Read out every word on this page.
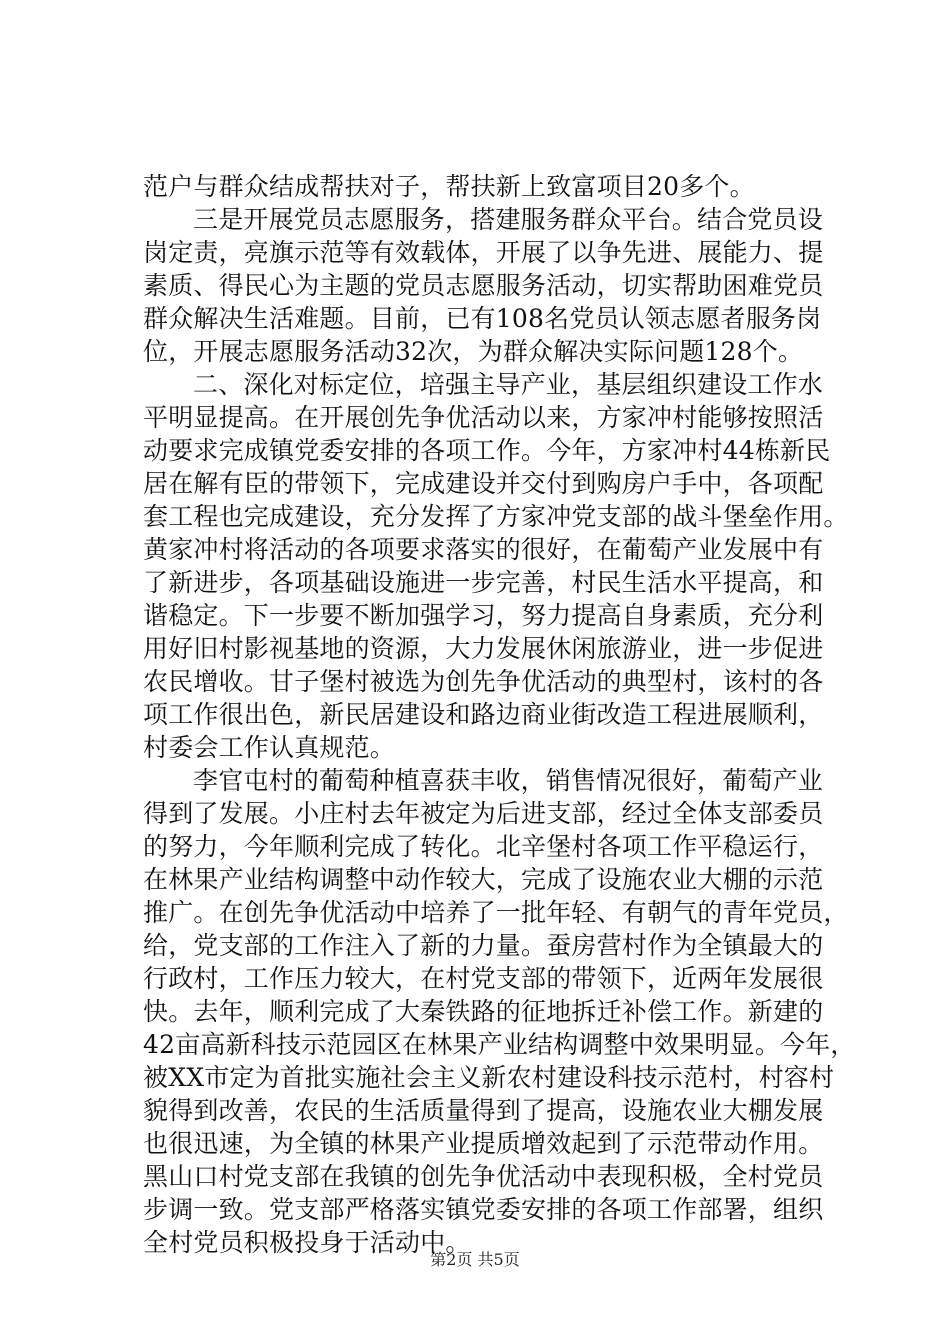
范户与群众结成帮扶对子，帮扶新上致富项目20多个。
三是开展党员志愿服务，搭建服务群众平台。结合党员设
岗定责，亮旗示范等有效载体，开展了以争先进、展能力、提
素质、得民心为主题的党员志愿服务活动，切实帮助困难党员
群众解决生活难题。目前，已有108名党员认领志愿者服务岗
位，开展志愿服务活动32次，为群众解决实际问题128个。
二、深化对标定位，培强主导产业，基层组织建设工作水
平明显提高。在开展创先争优活动以来，方家冲村能够按照活
动要求完成镇党委安排的各项工作。今年，方家冲村44栋新民
居在解有臣的带领下，完成建设并交付到购房户手中，各项配
套工程也完成建设，充分发挥了方家冲党支部的战斗堡垒作用。
黄家冲村将活动的各项要求落实的很好，在葡萄产业发展中有
了新进步，各项基础设施进一步完善，村民生活水平提高，和
谐稳定。下一步要不断加强学习，努力提高自身素质，充分利
用好旧村影视基地的资源，大力发展休闲旅游业，进一步促进
农民增收。甘子堡村被选为创先争优活动的典型村，该村的各
项工作很出色，新民居建设和路边商业街改造工程进展顺利，
村委会工作认真规范。
李官屯村的葡萄种植喜获丰收，销售情况很好，葡萄产业
得到了发展。小庄村去年被定为后进支部，经过全体支部委员
的努力，今年顺利完成了转化。北辛堡村各项工作平稳运行，
在林果产业结构调整中动作较大，完成了设施农业大棚的示范
推广。在创先争优活动中培养了一批年轻、有朝气的青年党员，
给，党支部的工作注入了新的力量。蚕房营村作为全镇最大的
行政村，工作压力较大，在村党支部的带领下，近两年发展很
快。去年，顺利完成了大秦铁路的征地拆迁补偿工作。新建的
42亩高新科技示范园区在林果产业结构调整中效果明显。今年，
被XX市定为首批实施社会主义新农村建设科技示范村，村容村
貌得到改善，农民的生活质量得到了提高，设施农业大棚发展
也很迅速，为全镇的林果产业提质增效起到了示范带动作用。
黑山口村党支部在我镇的创先争优活动中表现积极，全村党员
步调一致。党支部严格落实镇党委安排的各项工作部署，组织
全村党员积极投身于活动中。
第2页 共5页
